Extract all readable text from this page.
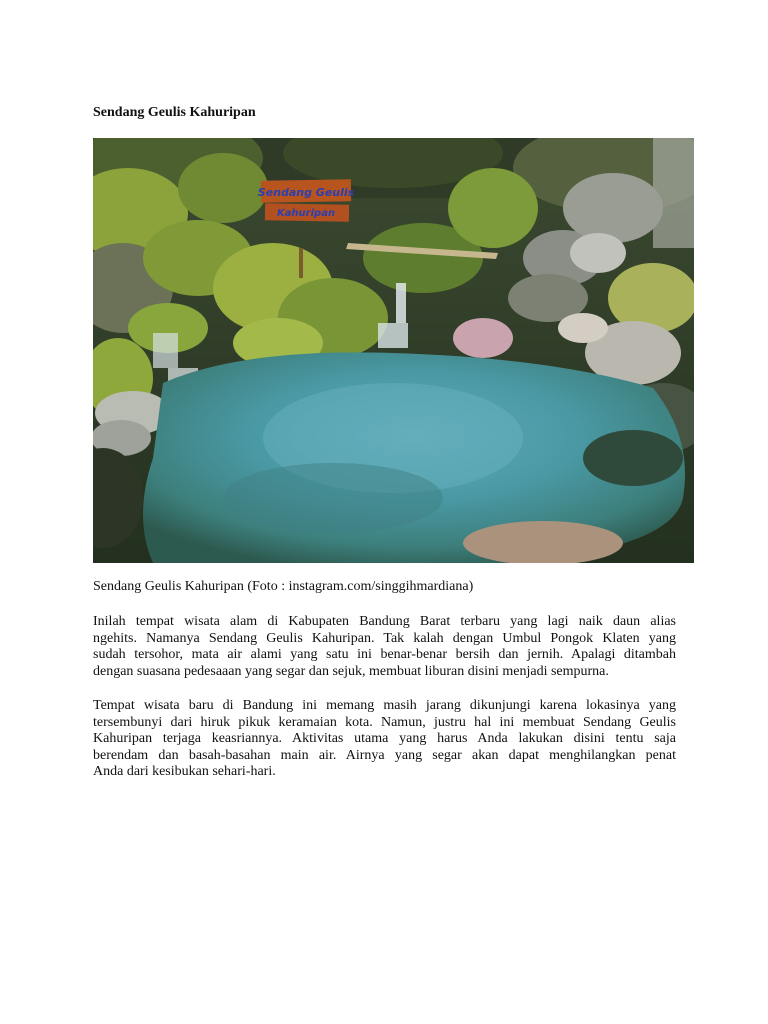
Sendang Geulis Kahuripan
Sendang Geulis
Kahuripan
Sendang Geulis Kahuripan (Foto : instagram.com/singgihmardiana)
Inilah tempat wisata alam di Kabupaten Bandung Barat terbaru yang lagi naik daun alias
ngehits. Namanya Sendang Geulis Kahuripan. Tak kalah dengan Umbul Pongok Klaten yang
sudah tersohor, mata air alami yang satu ini benar-benar bersih dan jernih. Apalagi ditambah
dengan suasana pedesaaan yang segar dan sejuk, membuat liburan disini menjadi sempurna.
Tempat wisata baru di Bandung ini memang masih jarang dikunjungi karena lokasinya yang
tersembunyi dari hiruk pikuk keramaian kota. Namun, justru hal ini membuat Sendang Geulis
Kahuripan terjaga keasriannya. Aktivitas utama yang harus Anda lakukan disini tentu saja
berendam dan basah-basahan main air. Airnya yang segar akan dapat menghilangkan penat
Anda dari kesibukan sehari-hari.
